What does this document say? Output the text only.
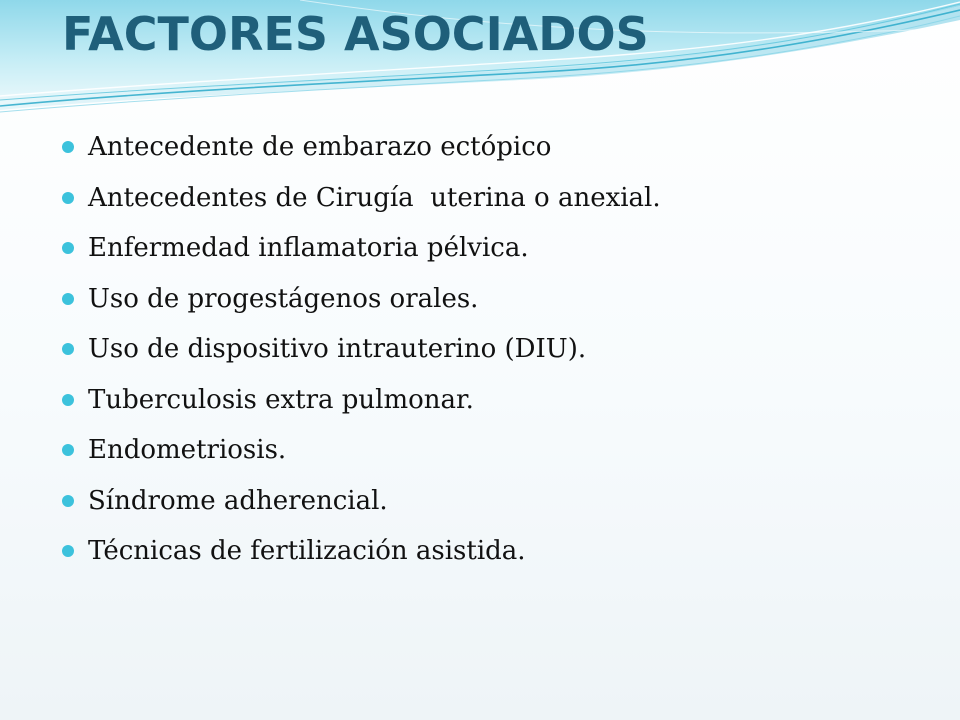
FACTORES ASOCIADOS
Antecedente de embarazo ectópico
Antecedentes de Cirugía  uterina o anexial.
Enfermedad inflamatoria pélvica.
Uso de progestágenos orales.
Uso de dispositivo intrauterino (DIU).
Tuberculosis extra pulmonar.
Endometriosis.
Síndrome adherencial.
Técnicas de fertilización asistida.
